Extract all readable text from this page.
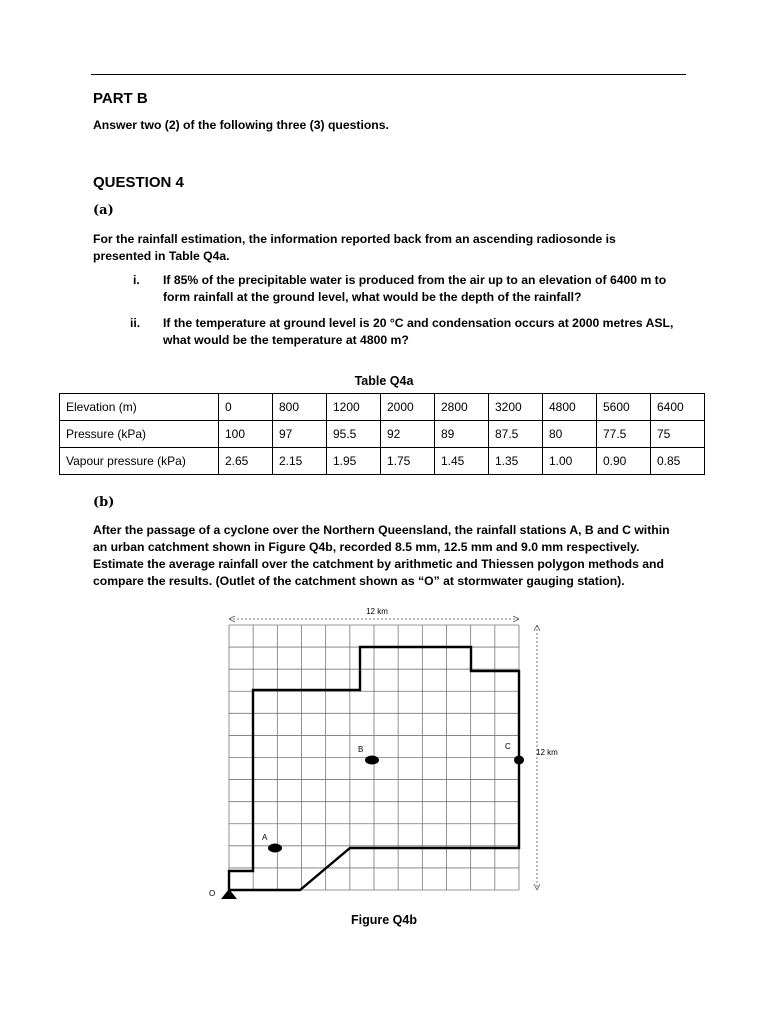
PART B
Answer two (2) of the following three (3) questions.
QUESTION 4
(a)
For the rainfall estimation, the information reported back from an ascending radiosonde is presented in Table Q4a.
i. If 85% of the precipitable water is produced from the air up to an elevation of 6400 m to form rainfall at the ground level, what would be the depth of the rainfall?
ii. If the temperature at ground level is 20 °C and condensation occurs at 2000 metres ASL, what would be the temperature at 4800 m?
Table Q4a
Elevation (m)	0	800	1200	2000	2800	3200	4800	5600	6400
Pressure (kPa)	100	97	95.5	92	89	87.5	80	77.5	75
Vapour pressure (kPa)	2.65	2.15	1.95	1.75	1.45	1.35	1.00	0.90	0.85
(b)
After the passage of a cyclone over the Northern Queensland, the rainfall stations A, B and C within an urban catchment shown in Figure Q4b, recorded 8.5 mm, 12.5 mm and 9.0 mm respectively. Estimate the average rainfall over the catchment by arithmetic and Thiessen polygon methods and compare the results. (Outlet of the catchment shown as “O” at stormwater gauging station).
12 km
12 km
A
B	C
O
Figure Q4b
